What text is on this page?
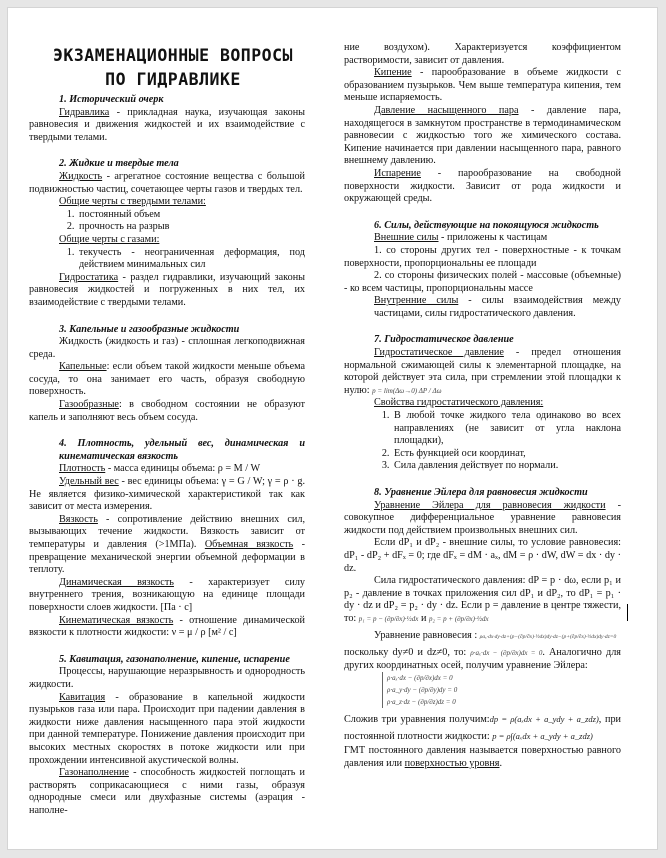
ЭКЗАМЕНАЦИОННЫЕ ВОПРОСЫ
ПО ГИДРАВЛИКЕ
1. Исторический очерк
Гидравлика - прикладная наука, изучающая законы равновесия и движения жидкостей и их взаимодействие с твердыми телами.
2. Жидкие и твердые тела
Жидкость - агрегатное состояние вещества с большой подвижностью частиц, сочетающее черты газов и твердых тел.
Общие черты с твердыми телами:
1. постоянный объем
2. прочность на разрыв
Общие черты с газами:
1. текучесть - неограниченная деформация, под действием минимальных сил
Гидростатика - раздел гидравлики, изучающий законы равновесия жидкостей и погруженных в них тел, их взаимодействие с твердыми телами.
3. Капельные и газообразные жидкости
Жидкость (жидкость и газ) - сплошная легкоподвижная среда.
Капельные: если объем такой жидкости меньше объема сосуда, то она занимает его часть, образуя свободную поверхность.
Газообразные: в свободном состоянии не образуют капель и заполняют весь объем сосуда.
4. Плотность, удельный вес, динамическая и кинематическая вязкость
Плотность - масса единицы объема: ρ = M / W
Удельный вес - вес единицы объема: γ = G / W; γ = ρ · g. Не является физико-химической характеристикой так как зависит от места измерения.
Вязкость - сопротивление действию внешних сил, вызывающих течение жидкости. Вязкость зависит от температуры и давления (>1МПа). Объемная вязкость - превращение механической энергии объемной деформации в теплоту.
Динамическая вязкость - характеризует силу внутреннего трения, возникающую на единице площади поверхности слоев жидкости. [Па · с]
Кинематическая вязкость - отношение динамической вязкости к плотности жидкости: ν = μ / ρ [м² / с]
5. Кавитация, газонаполнение, кипение, испарение
Процессы, нарушающие неразрывность и однородность жидкости.
Кавитация - образование в капельной жидкости пузырьков газа или пара. Происходит при падении давления в жидкости ниже давления насыщенного пара этой жидкости при данной температуре. Понижение давления происходит при высоких местных скоростях в потоке жидкости или при прохождении интенсивной акустической волны.
Газонаполнение - способность жидкостей поглощать и растворять соприкасающиеся с ними газы, образуя однородные смеси или двухфазные системы (аэрация - наполне-
ние воздухом). Характеризуется коэффициентом растворимости, зависит от давления.
Кипение - парообразование в объеме жидкости с образованием пузырьков. Чем выше температура кипения, тем меньше испаряемость.
Давление насыщенного пара - давление пара, находящегося в замкнутом пространстве в термодинамическом равновесии с жидкостью того же химического состава. Кипение начинается при давлении насыщенного пара, равного внешнему давлению.
Испарение - парообразование на свободной поверхности жидкости. Зависит от рода жидкости и окружающей среды.
6. Силы, действующие на покоящуюся жидкость
Внешние силы - приложены к частицам
1. со стороны других тел - поверхностные - к точкам поверхности, пропорциональны ее площади
2. со стороны физических полей - массовые (объемные) - ко всем частицы, пропорциональны массе
Внутренние силы - силы взаимодействия между частицами, силы гидростатического давления.
7. Гидростатическое давление
Гидростатическое давление - предел отношения нормальной сжимающей силы к элементарной площадке, на которой действует эта сила, при стремлении этой площадки к нулю: p = lim(Δω→0) ΔP / Δω
Свойства гидростатического давления:
1. В любой точке жидкого тела одинаково во всех направлениях (не зависит от угла наклона площадки),
2. Есть функцией оси координат,
3. Сила давления действует по нормали.
8. Уравнение Эйлера для равновесия жидкости
Уравнение Эйлера для равновесия жидкости - совокупное дифференциальное уравнение равновесия жидкости под действием произвольных внешних сил.
Если dP₁ и dP₂ - внешние силы, то условие равновесия: dP₁ - dP₂ + dFₓ = 0; где dFₓ = dM · aₓ, dM = ρ · dW, dW = dx · dy · dz.
Сила гидростатического давления: dP = p · dω, если p₁ и p₂ - давление в точках приложения сил dP₁ и dP₂, то dP₁ = p₁ · dy · dz и dP₂ = p₂ · dy · dz. Если p = давление в центре тяжести, то: p₁ = p − (∂p/∂x)·½dx и p₂ = p + (∂p/∂x)·½dx
Уравнение равновесия : ρaₓ·dx·dy·dz+(p−(∂p/∂x)·½dx)dy·dz−(p+(∂p/∂x)·½dx)dy·dz=0
поскольку dy≠0 и dz≠0, то: ρ·aₓ·dx − (∂p/∂x)dx = 0. Аналогично для других координатных осей, получим уравнение Эйлера:
ρ·aₓ·dx − (∂p/∂x)dx = 0
ρ·a_y·dy − (∂p/∂y)dy = 0
ρ·a_z·dz − (∂p/∂z)dz = 0
Сложив три уравнения получим:dp = ρ(aₓdx + a_ydy + a_zdz), при постоянной плотности жидкости: p = ρ∫(aₓdx + a_ydy + a_zdz)
ГМТ постоянного давления называется поверхностью равного давления или поверхностью уровня.
